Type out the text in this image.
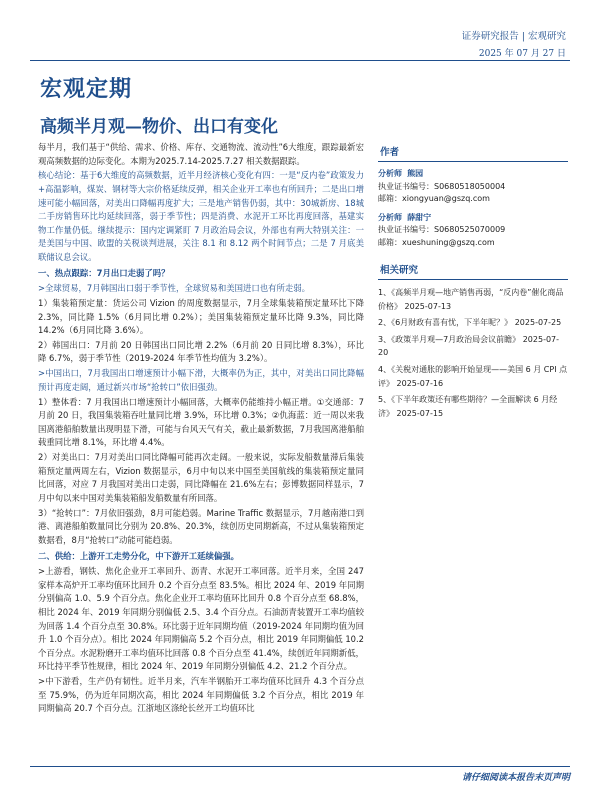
证券研究报告 | 宏观研究
2025 年 07 月 27 日
宏观定期
高频半月观—物价、出口有变化

每半月，我们基于“供给、需求、价格、库存、交通物流、流动性”6大维度，跟踪最新宏观高频数据的边际变化。本期为2025.7.14-2025.7.27 相关数据跟踪。

核心结论：基于6大维度的高频数据，近半月经济核心变化有四：一是“反内卷”政策发力+高温影响，煤炭、钢材等大宗价格延续反弹，相关企业开工率也有所回升；二是出口增速可能小幅回落，对美出口降幅再度扩大；三是地产销售仍弱，其中：30城新房、18城二手房销售环比均延续回落，弱于季节性；四是消费、水泥开工环比再度回落，基建实物工作量仍低。继续提示：国内定调紧盯 7 月政治局会议，外部也有两大特别关注：一是美国与中国、欧盟的关税谈判进展，关注 8.1 和 8.12 两个时间节点；二是 7 月底美联储议息会议。

一、热点跟踪：7月出口走弱了吗？

>全球贸易，7月韩国出口弱于季节性，全球贸易和美国进口也有所走弱。

1）集装箱预定量：货运公司 Vizion 的周度数据显示，7月全球集装箱预定量环比下降 2.3%，同比降 1.5%（6月同比增 0.2%）；美国集装箱预定量环比降 9.3%，同比降 14.2%（6月同比降 3.6%）。

2）韩国出口：7月前 20 日韩国出口同比增 2.2%（6月前 20 日同比增 8.3%），环比降 6.7%，弱于季节性（2019-2024 年季节性均值为 3.2%）。

>中国出口，7月我国出口增速预计小幅下滑，大概率仍为正，其中，对美出口同比降幅预计再度走阔，通过新兴市场“抢转口”依旧强劲。

1）整体看：7 月我国出口增速预计小幅回落，大概率仍能维持小幅正增。①交通部：7月前 20 日，我国集装箱吞吐量同比增 3.9%，环比增 0.3%；②仇海蓝：近一周以来我国离港船舶数量出现明显下滑，可能与台风天气有关，截止最新数据，7月我国离港船舶载重同比增 8.1%，环比增 4.4%。

2）对美出口：7月对美出口同比降幅可能再次走阔。一般来说，实际发船数量滞后集装箱预定量两周左右，Vizion 数据显示，6月中旬以来中国至美国航线的集装箱预定量同比回落，对应 7 月我国对美出口走弱，同比降幅在 21.6%左右；彭博数据同样显示，7月中旬以来中国对美集装箱船发船数量有所回落。

3）“抢转口”：7月依旧强劲，8月可能趋弱。Marine Traffic 数据显示，7月越南港口到港、离港船舶数量同比分别为 20.8%、20.3%，续创历史同期新高，不过从集装箱预定数据看，8月“抢转口”动能可能趋弱。

二、供给：上游开工走势分化，中下游开工延续偏强。

>上游看，钢铁、焦化企业开工率回升、沥青、水泥开工率回落。近半月来，全国 247 家样本高炉开工率均值环比回升 0.2 个百分点至 83.5%。相比 2024 年、2019 年同期分别偏高 1.0、5.9 个百分点。焦化企业开工率均值环比回升 0.8 个百分点至 68.8%，相比 2024 年、2019 年同期分别偏低 2.5、3.4 个百分点。石油沥青装置开工率均值较为回落 1.4 个百分点至 30.8%。环比弱于近年同期均值（2019-2024 年同期均值为回升 1.0 个百分点）。相比 2024 年同期偏高 5.2 个百分点，相比 2019 年同期偏低 10.2 个百分点。水泥粉磨开工率均值环比回落 0.8 个百分点至 41.4%，续创近年同期新低，环比持平季节性规律，相比 2024 年、2019 年同期分别偏低 4.2、21.2 个百分点。

>中下游看，生产仍有韧性。近半月来，汽车半钢胎开工率均值环比回升 4.3 个百分点至 75.9%，仍为近年同期次高，相比 2024 年同期偏低 3.2 个百分点，相比 2019 年同期偏高 20.7 个百分点。江浙地区涤纶长丝开工均值环比

作者
分析师 熊园
执业证书编号：S0680518050004
邮箱：xiongyuan@gszq.com
分析师 薛甜宁
执业证书编号：S0680525070009
邮箱：xueshuning@gszq.com
相关研究

1、《高频半月观—地产销售再弱，“反内卷”催化商品价格》 2025-07-13

2、《6月财政有喜有忧，下半年呢？》 2025-07-25

3、《政策半月观—7月政治局会议前瞻》 2025-07-20

4、《关税对通胀的影响开始显现——美国 6 月 CPI 点评》 2025-07-16

5、《下半年政策还有哪些期待？—全面解读 6 月经济》 2025-07-15

请仔细阅读本报告末页声明
